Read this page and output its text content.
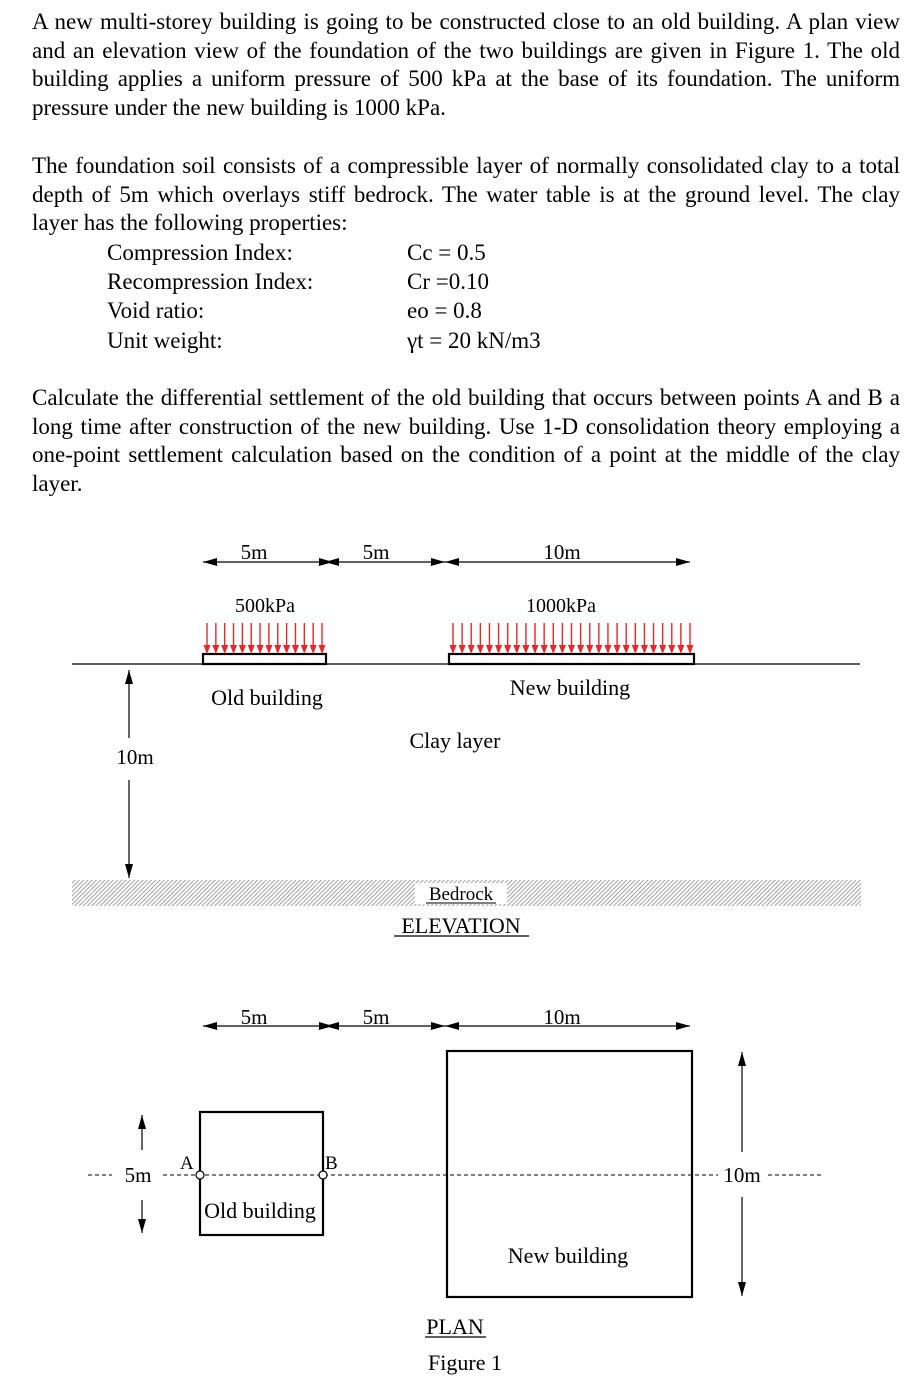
A new multi-storey building is going to be constructed close to an old building. A plan view and an elevation view of the foundation of the two buildings are given in Figure 1. The old building applies a uniform pressure of 500 kPa at the base of its foundation. The uniform pressure under the new building is 1000 kPa.

The foundation soil consists of a compressible layer of normally consolidated clay to a total depth of 5m which overlays stiff bedrock. The water table is at the ground level. The clay layer has the following properties:

Compression Index:	Cc = 0.5
Recompression Index:	Cr =0.10
Void ratio:	eo = 0.8
Unit weight:	γt = 20 kN/m3

Calculate the differential settlement of the old building that occurs between points A and B a long time after construction of the new building. Use 1-D consolidation theory employing a one-point settlement calculation based on the condition of a point at the middle of the clay layer.

5m	5m	10m
500kPa	1000kPa
Old building	New building
Clay layer
10m
Bedrock
ELEVATION
5m	5m	10m
5m A	B
Old building
New building
10m
PLAN
Figure 1
